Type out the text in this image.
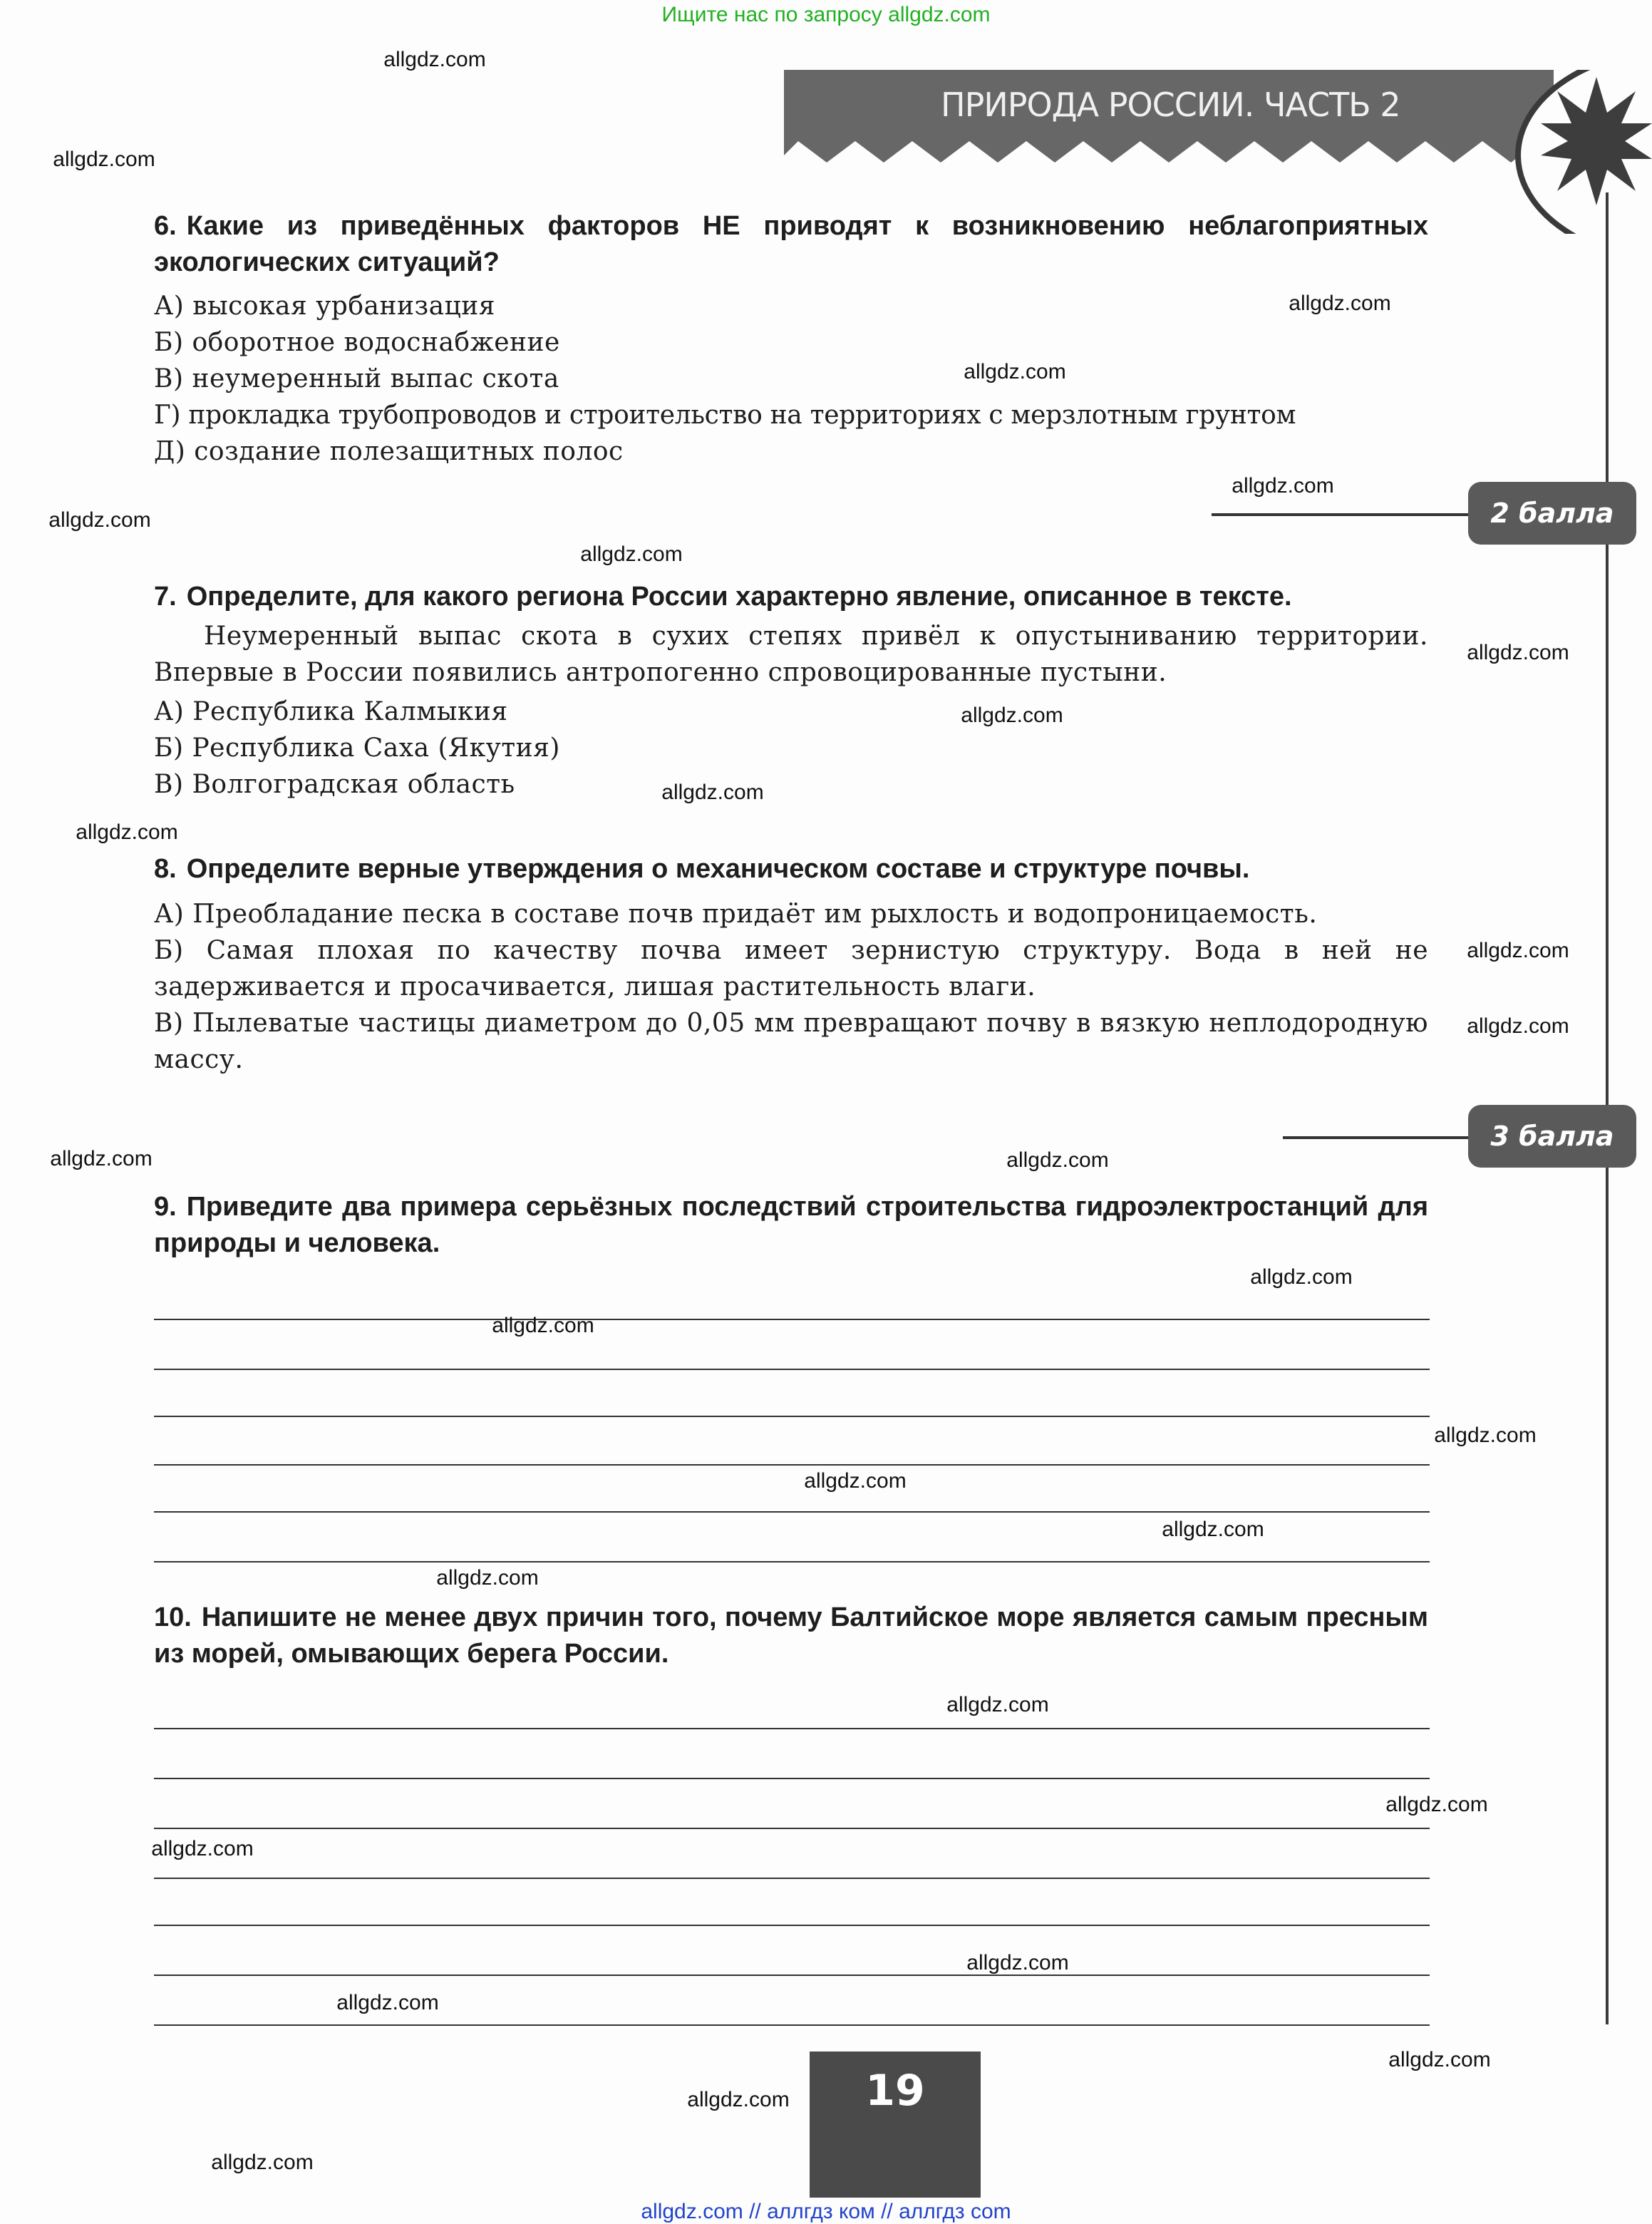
Ищите нас по запросу allgdz.com
ПРИРОДА РОССИИ. ЧАСТЬ 2
2 балла
3 балла
6. Какие из приведённых факторов НЕ приводят к возникновению неблагоприятных экологических ситуаций?
А) высокая урбанизация
Б) оборотное водоснабжение
В) неумеренный выпас скота
Г) прокладка трубопроводов и строительство на территориях с мерзлотным грунтом
Д) создание полезащитных полос
7. Определите, для какого региона России характерно явление, описанное в тексте.
Неумеренный выпас скота в сухих степях привёл к опустыниванию территории. Впервые в России появились антропогенно спровоцированные пустыни.
А) Республика Калмыкия
Б) Республика Саха (Якутия)
В) Волгоградская область
8. Определите верные утверждения о механическом составе и структуре почвы.
А) Преобладание песка в составе почв придаёт им рыхлость и водопроницаемость.
Б) Самая плохая по качеству почва имеет зернистую структуру. Вода в ней не задерживается и просачивается, лишая растительность влаги.
В) Пылеватые частицы диаметром до 0,05 мм превращают почву в вязкую неплодородную массу.
9. Приведите два примера серьёзных последствий строительства гидроэлектростанций для природы и человека.
10. Напишите не менее двух причин того, почему Балтийское море является самым пресным из морей, омывающих берега России.
19
allgdz.com // аллгдз ком // аллгдз com
allgdz.com
allgdz.com
allgdz.com
allgdz.com
allgdz.com
allgdz.com
allgdz.com
allgdz.com
allgdz.com
allgdz.com
allgdz.com
allgdz.com
allgdz.com
allgdz.com
allgdz.com
allgdz.com
allgdz.com
allgdz.com
allgdz.com
allgdz.com
allgdz.com
allgdz.com
allgdz.com
allgdz.com
allgdz.com
allgdz.com
allgdz.com
allgdz.com
allgdz.com
